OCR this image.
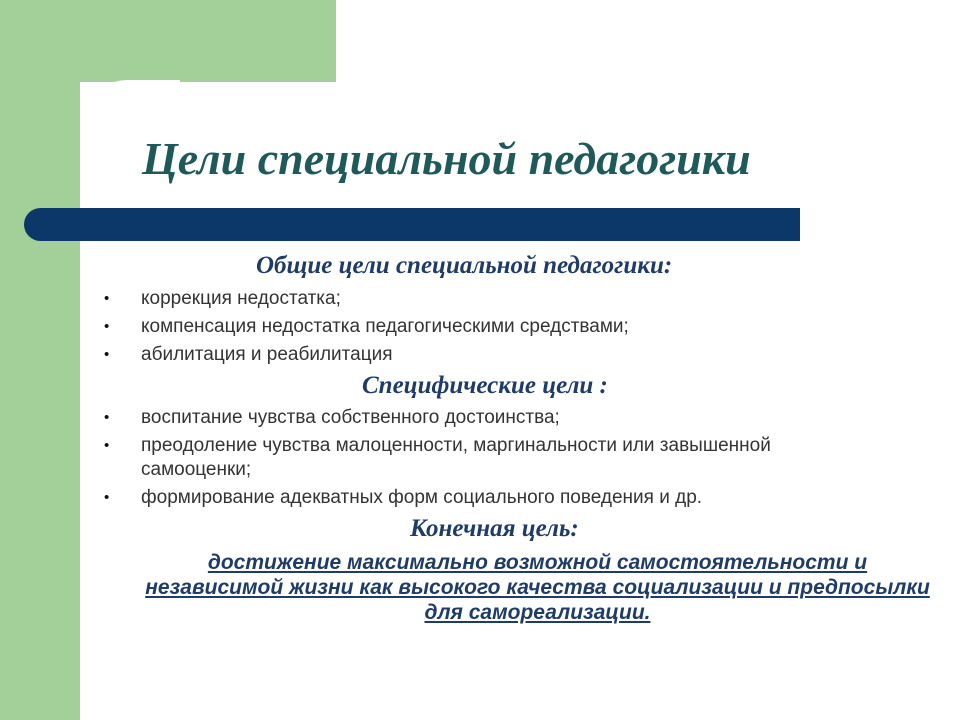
Цели специальной педагогики
Общие цели специальной педагогики:
• коррекция недостатка;
• компенсация недостатка педагогическими средствами;
• абилитация и реабилитация
Специфические цели :
• воспитание чувства собственного достоинства;
• преодоление чувства малоценности, маргинальности или завышенной самооценки;
• формирование адекватных форм социального поведения и др.
Конечная цель:

достижение максимально возможной самостоятельности и независимой жизни как высокого качества социализации и предпосылки для самореализации.
